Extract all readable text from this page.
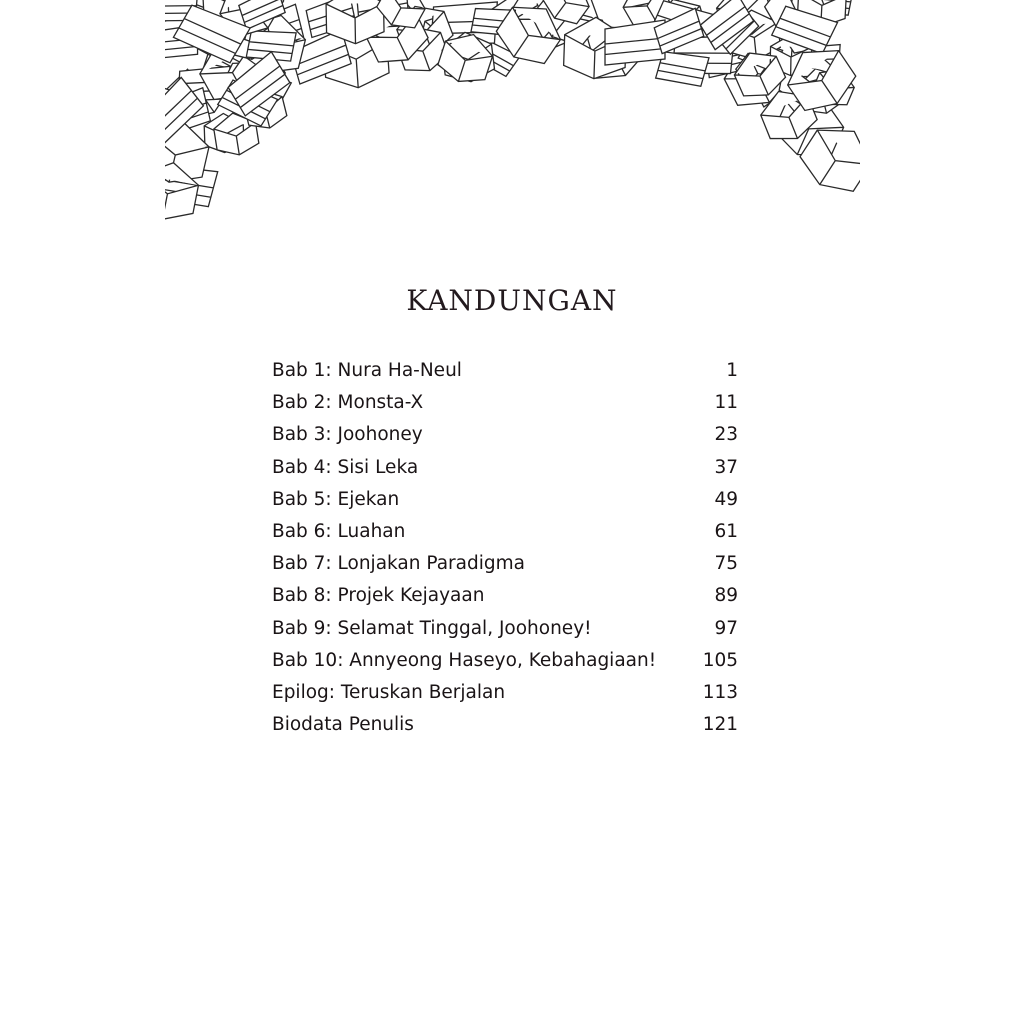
KANDUNGAN
Bab 1: Nura Ha-Neul	1
Bab 2: Monsta-X	11
Bab 3: Joohoney	23
Bab 4: Sisi Leka	37
Bab 5: Ejekan	49
Bab 6: Luahan	61
Bab 7: Lonjakan Paradigma	75
Bab 8: Projek Kejayaan	89
Bab 9: Selamat Tinggal, Joohoney!	97
Bab 10: Annyeong Haseyo, Kebahagiaan!	105
Epilog: Teruskan Berjalan	113
Biodata Penulis	121
